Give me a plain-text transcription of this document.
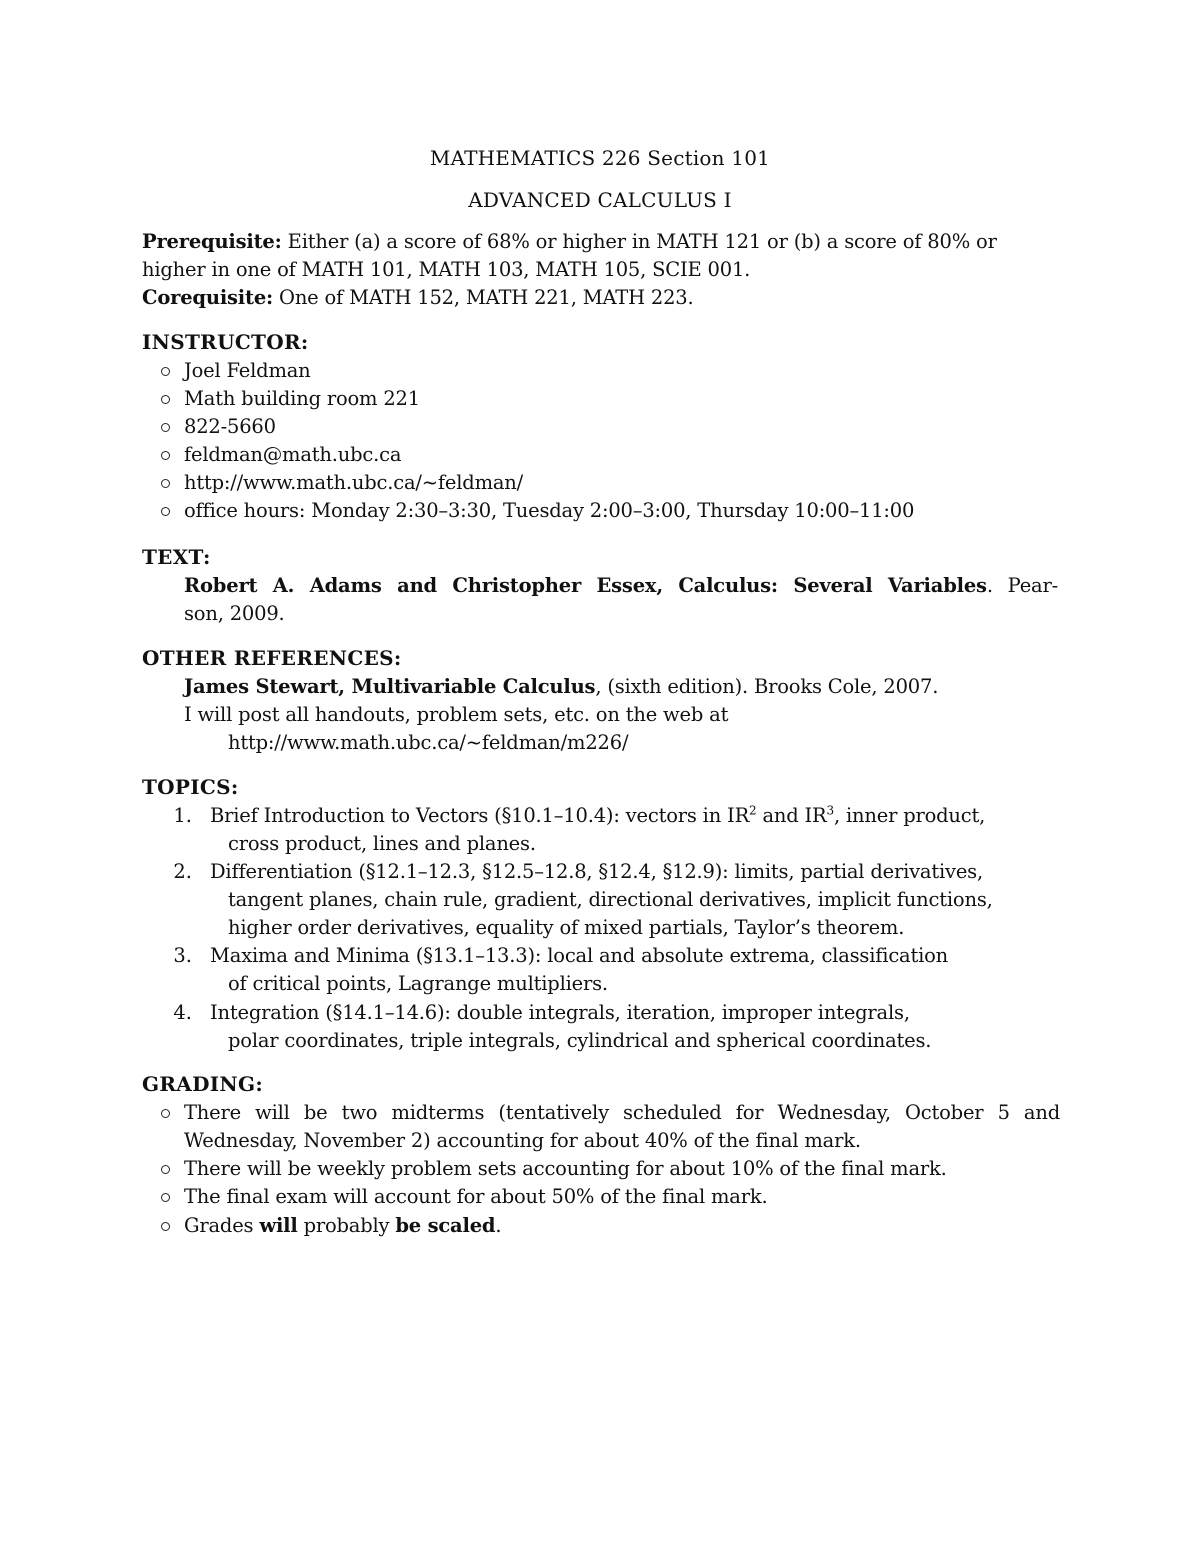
MATHEMATICS 226 Section 101
ADVANCED CALCULUS I
Prerequisite: Either (a) a score of 68% or higher in MATH 121 or (b) a score of 80% or
higher in one of MATH 101, MATH 103, MATH 105, SCIE 001.
Corequisite: One of MATH 152, MATH 221, MATH 223.
INSTRUCTOR:
Joel Feldman
Math building room 221
822-5660
feldman@math.ubc.ca
http://www.math.ubc.ca/~feldman/
office hours: Monday 2:30–3:30, Tuesday 2:00–3:00, Thursday 10:00–11:00
TEXT:
Robert A. Adams and Christopher Essex, Calculus: Several Variables. Pear-
son, 2009.
OTHER REFERENCES:
James Stewart, Multivariable Calculus, (sixth edition). Brooks Cole, 2007.
I will post all handouts, problem sets, etc. on the web at
http://www.math.ubc.ca/~feldman/m226/
TOPICS:
1. Brief Introduction to Vectors (§10.1–10.4): vectors in $IR^2$ and $IR^3$, inner product,
cross product, lines and planes.
2. Differentiation (§12.1–12.3, §12.5–12.8, §12.4, §12.9): limits, partial derivatives,
tangent planes, chain rule, gradient, directional derivatives, implicit functions,
higher order derivatives, equality of mixed partials, Taylor’s theorem.
3. Maxima and Minima (§13.1–13.3): local and absolute extrema, classification
of critical points, Lagrange multipliers.
4. Integration (§14.1–14.6): double integrals, iteration, improper integrals,
polar coordinates, triple integrals, cylindrical and spherical coordinates.
GRADING:
There will be two midterms (tentatively scheduled for Wednesday, October 5 and
Wednesday, November 2) accounting for about 40% of the final mark.
There will be weekly problem sets accounting for about 10% of the final mark.
The final exam will account for about 50% of the final mark.
Grades will probably be scaled.
